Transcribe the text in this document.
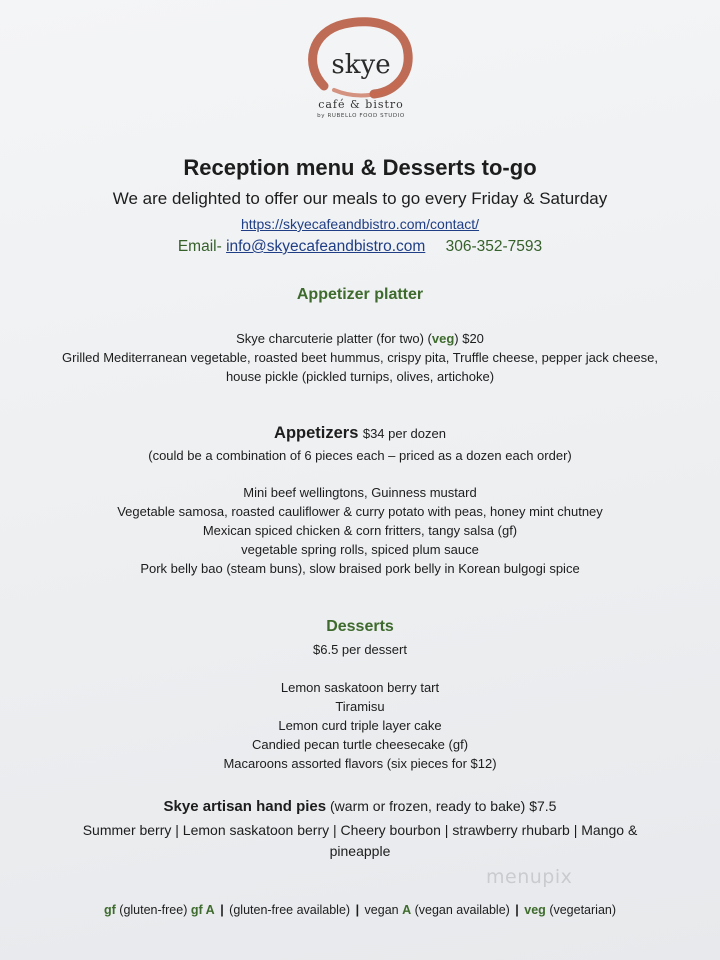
skye
café & bistro
by RUBELLO FOOD STUDIO
Reception menu & Desserts to-go
We are delighted to offer our meals to go every Friday & Saturday
https://skyecafeandbistro.com/contact/
Email- info@skyecafeandbistro.com 306-352-7593
Appetizer platter
Skye charcuterie platter (for two) (veg) $20
Grilled Mediterranean vegetable, roasted beet hummus, crispy pita, Truffle cheese, pepper jack cheese,
house pickle (pickled turnips, olives, artichoke)
Appetizers $34 per dozen
(could be a combination of 6 pieces each – priced as a dozen each order)
Mini beef wellingtons, Guinness mustard
Vegetable samosa, roasted cauliflower & curry potato with peas, honey mint chutney
Mexican spiced chicken & corn fritters, tangy salsa (gf)
vegetable spring rolls, spiced plum sauce
Pork belly bao (steam buns), slow braised pork belly in Korean bulgogi spice
Desserts
$6.5 per dessert
Lemon saskatoon berry tart
Tiramisu
Lemon curd triple layer cake
Candied pecan turtle cheesecake (gf)
Macaroons assorted flavors (six pieces for $12)
Skye artisan hand pies (warm or frozen, ready to bake) $7.5
Summer berry | Lemon saskatoon berry | Cheery bourbon | strawberry rhubarb | Mango &
pineapple
menupix
gf (gluten-free) gf A | (gluten-free available) | vegan A (vegan available) | veg (vegetarian)
